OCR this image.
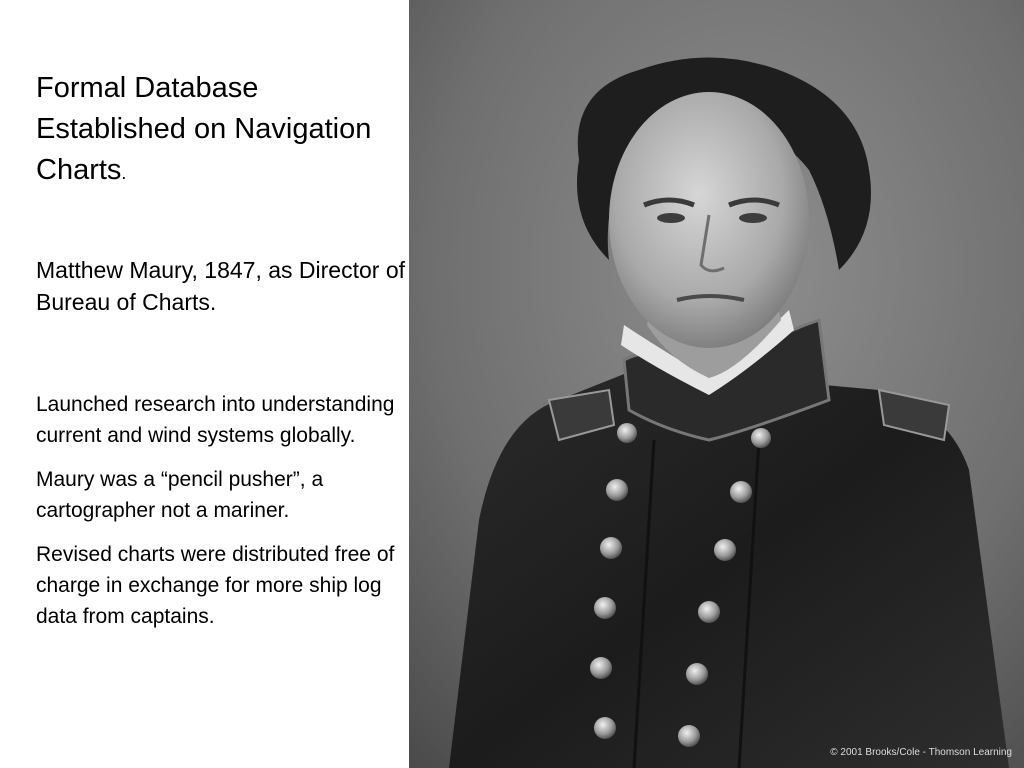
Formal Database Established on Navigation Charts.

Matthew Maury, 1847, as Director of Bureau of Charts.

Launched research into understanding current and wind systems globally.
Maury was a “pencil pusher”, a cartographer not a mariner.
Revised charts were distributed free of charge in exchange for more ship log data from captains.
© 2001 Brooks/Cole - Thomson Learning
